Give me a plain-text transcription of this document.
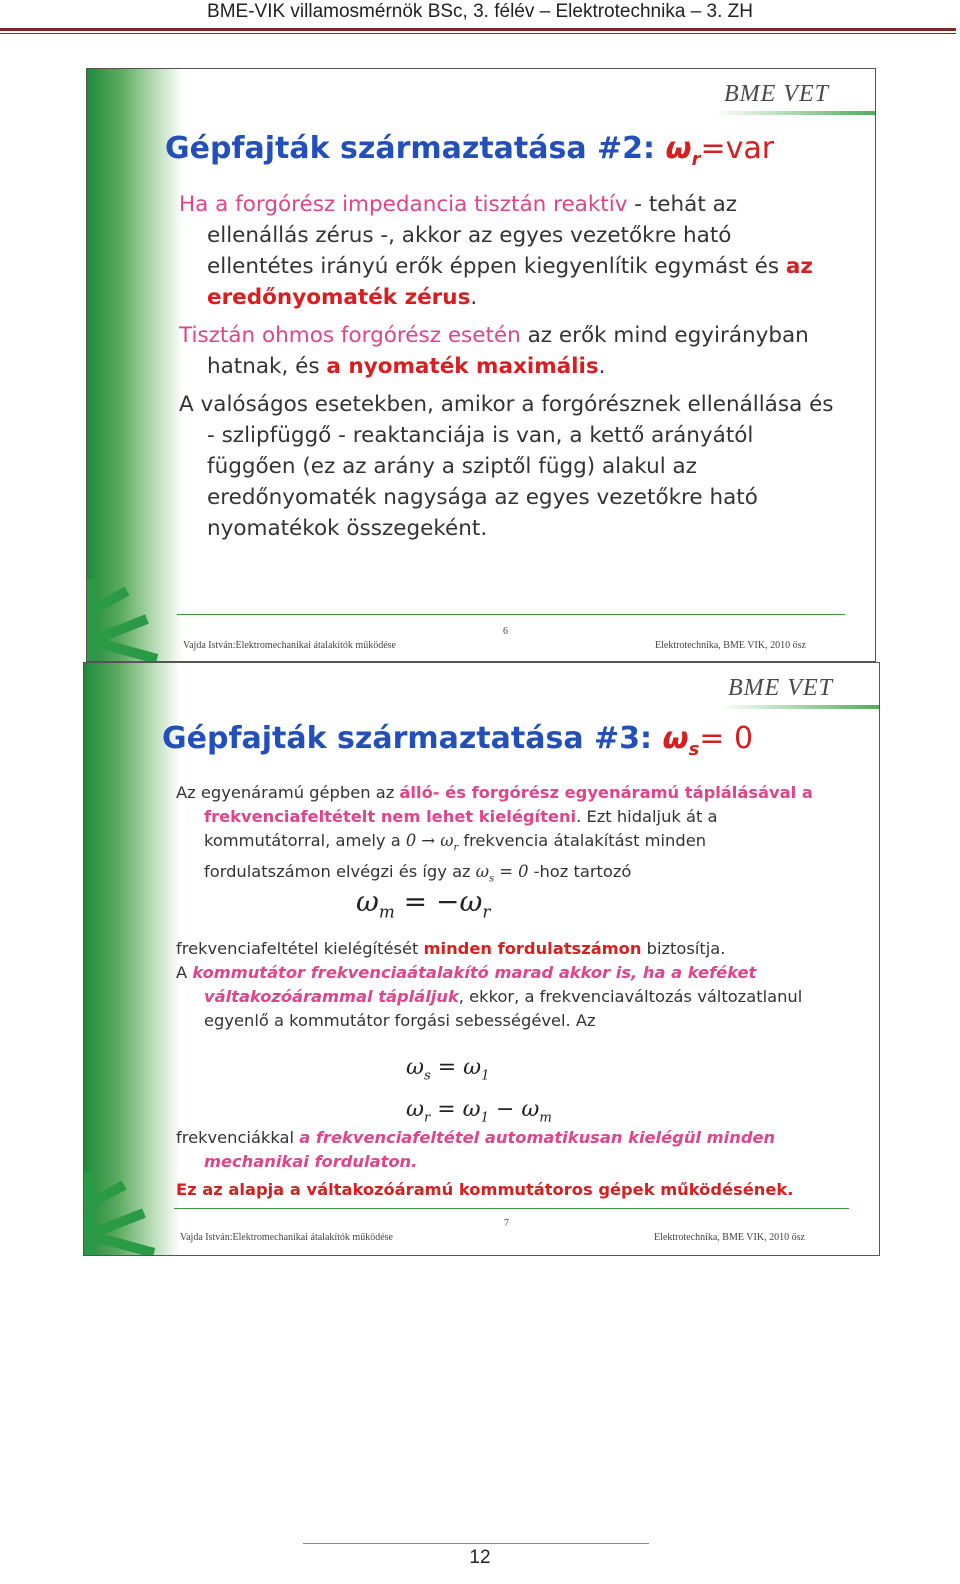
BME-VIK villamosmérnök BSc, 3. félév – Elektrotechnika – 3. ZH
BME VET
Gépfajták származtatása #2: $\omega_r=var$

Ha a forgórész impedancia tisztán reaktív - tehát az ellenállás zérus -, akkor az egyes vezetőkre ható ellentétes irányú erők éppen kiegyenlítik egymást és az eredőnyomaték zérus.

Tisztán ohmos forgórész esetén az erők mind egyirányban hatnak, és a nyomaték maximális.

A valóságos esetekben, amikor a forgórésznek ellenállása és - szlipfüggő - reaktanciája is van, a kettő arányától függően (ez az arány a sziptől függ) alakul az eredőnyomaték nagysága az egyes vezetőkre ható nyomatékok összegeként.

6
Vajda István:Elektromechanikai átalakítók működése	Elektrotechnika, BME VIK, 2010 ősz
BME VET
Gépfajták származtatása #3: $\omega_s= 0$

Az egyenáramú gépben az álló- és forgórész egyenáramú táplálásával a frekvenciafeltételt nem lehet kielégíteni. Ezt hidaljuk át a kommutátorral, amely a $0 \to \omega_r$ frekvencia átalakítást minden fordulatszámon elvégzi és így az $\omega_s = 0$ -hoz tartozó

$\omega_m = -\omega_r$

frekvenciafeltétel kielégítését minden fordulatszámon biztosítja.

A kommutátor frekvenciaátalakító marad akkor is, ha a keféket váltakozóárammal tápláljuk, ekkor, a frekvenciaváltozás változatlanul egyenlő a kommutátor forgási sebességével. Az

$\omega_s = \omega_1$
$\omega_r = \omega_1 - \omega_m$

frekvenciákkal a frekvenciafeltétel automatikusan kielégül minden mechanikai fordulaton.

Ez az alapja a váltakozóáramú kommutátoros gépek működésének.

7
Vajda István:Elektromechanikai átalakítók működése	Elektrotechnika, BME VIK, 2010 ősz
12
